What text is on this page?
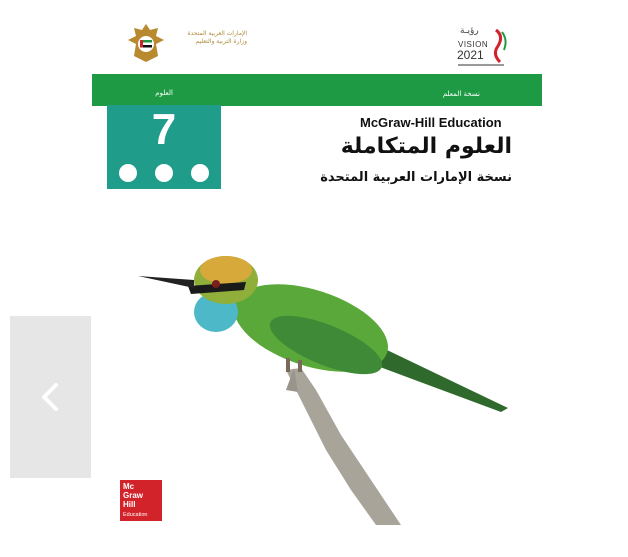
الإمارات العربية المتحدة
وزارة التربية والتعليم
رؤيـة
VISION
2021
نسخة المعلم
العلوم
7	McGraw-Hill Education
العلوم المتكاملة
نسخة الإمارات العربية المتحدة
Mc
Graw
Hill
Education
